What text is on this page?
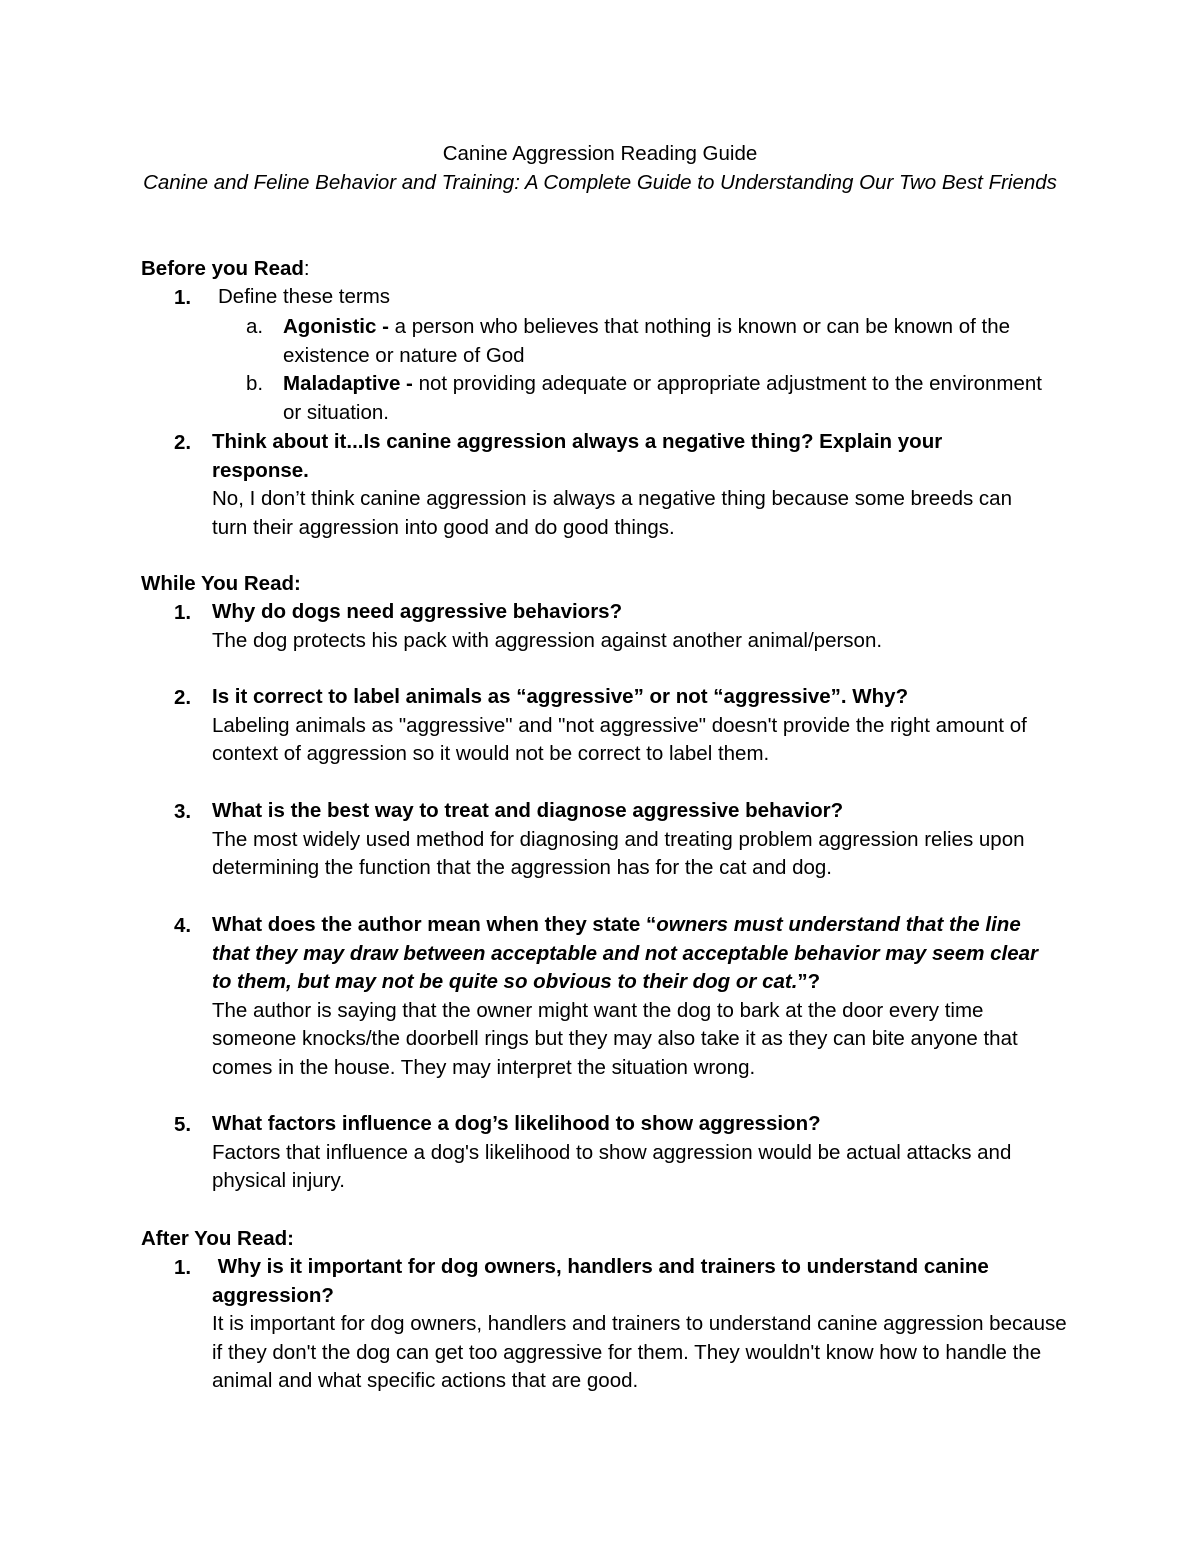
Canine Aggression Reading Guide
Canine and Feline Behavior and Training: A Complete Guide to Understanding Our Two Best Friends
Before you Read:
1. Define these terms
a. Agonistic - a person who believes that nothing is known or can be known of the existence or nature of God
b. Maladaptive - not providing adequate or appropriate adjustment to the environment or situation.
2. Think about it...Is canine aggression always a negative thing? Explain your response.
No, I don’t think canine aggression is always a negative thing because some breeds can turn their aggression into good and do good things.
While You Read:
1. Why do dogs need aggressive behaviors?
The dog protects his pack with aggression against another animal/person.
2. Is it correct to label animals as “aggressive” or not “aggressive”. Why?
Labeling animals as "aggressive" and "not aggressive" doesn't provide the right amount of context of aggression so it would not be correct to label them.
3. What is the best way to treat and diagnose aggressive behavior?
The most widely used method for diagnosing and treating problem aggression relies upon determining the function that the aggression has for the cat and dog.
4. What does the author mean when they state “owners must understand that the line that they may draw between acceptable and not acceptable behavior may seem clear to them, but may not be quite so obvious to their dog or cat.”?
The author is saying that the owner might want the dog to bark at the door every time someone knocks/the doorbell rings but they may also take it as they can bite anyone that comes in the house. They may interpret the situation wrong.
5. What factors influence a dog’s likelihood to show aggression?
Factors that influence a dog's likelihood to show aggression would be actual attacks and physical injury.
After You Read:
1. Why is it important for dog owners, handlers and trainers to understand canine aggression?
It is important for dog owners, handlers and trainers to understand canine aggression because if they don't the dog can get too aggressive for them. They wouldn't know how to handle the animal and what specific actions that are good.
